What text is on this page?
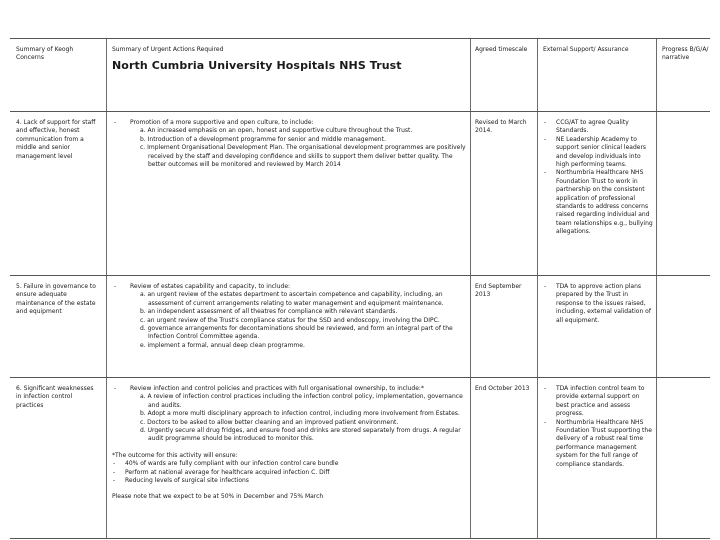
Summary of Keogh Concerns
Summary of Urgent Actions Required
North Cumbria University Hospitals NHS Trust
Agreed timescale	External Support/ Assurance	Progress B/G/A/ narrative
4. Lack of support for staff and effective, honest communication from a middle and senior management level
- Promotion of a more supportive and open culture, to include:
a. An increased emphasis on an open, honest and supportive culture throughout the Trust.
b. Introduction of a development programme for senior and middle management.
c. Implement Organisational Development Plan. The organisational development programmes are positively received by the staff and developing confidence and skills to support them deliver better quality. The better outcomes will be monitored and reviewed by March 2014
Revised to March 2014.
- CCG/AT to agree Quality Standards.
- NE Leadership Academy to support senior clinical leaders and develop individuals into high performing teams.
- Northumbria Healthcare NHS Foundation Trust to work in partnership on the consistent application of professional standards to address concerns raised regarding individual and team relationships e.g., bullying allegations.
5. Failure in governance to ensure adequate maintenance of the estate and equipment
- Review of estates capability and capacity, to include:
a. an urgent review of the estates department to ascertain competence and capability, including, an assessment of current arrangements relating to water management and equipment maintenance.
b. an independent assessment of all theatres for compliance with relevant standards.
c. an urgent review of the Trust's compliance status for the SSD and endoscopy, involving the DIPC.
d. governance arrangements for decontaminations should be reviewed, and form an integral part of the Infection Control Committee agenda.
e. implement a formal, annual deep clean programme.
End September 2013
- TDA to approve action plans prepared by the Trust in response to the issues raised, including, external validation of all equipment.
6. Significant weaknesses in infection control practices
- Review infection and control policies and practices with full organisational ownership, to include:*
a. A review of infection control practices including the infection control policy, implementation, governance and audits.
b. Adopt a more multi disciplinary approach to infection control, including more involvement from Estates.
c. Doctors to be asked to allow better cleaning and an improved patient environment.
d. Urgently secure all drug fridges, and ensure food and drinks are stored separately from drugs. A regular audit programme should be introduced to monitor this.
*The outcome for this activity will ensure:
- 40% of wards are fully compliant with our infection control care bundle
- Perform at national average for healthcare acquired infection C. Diff
- Reducing levels of surgical site infections
Please note that we expect to be at 50% in December and 75% March
End October 2013
-	TDA infection control team to provide external support on best practice and assess progress.
- Northumbria Healthcare NHS Foundation Trust supporting the delivery of a robust real time performance management system for the full range of compliance standards.
